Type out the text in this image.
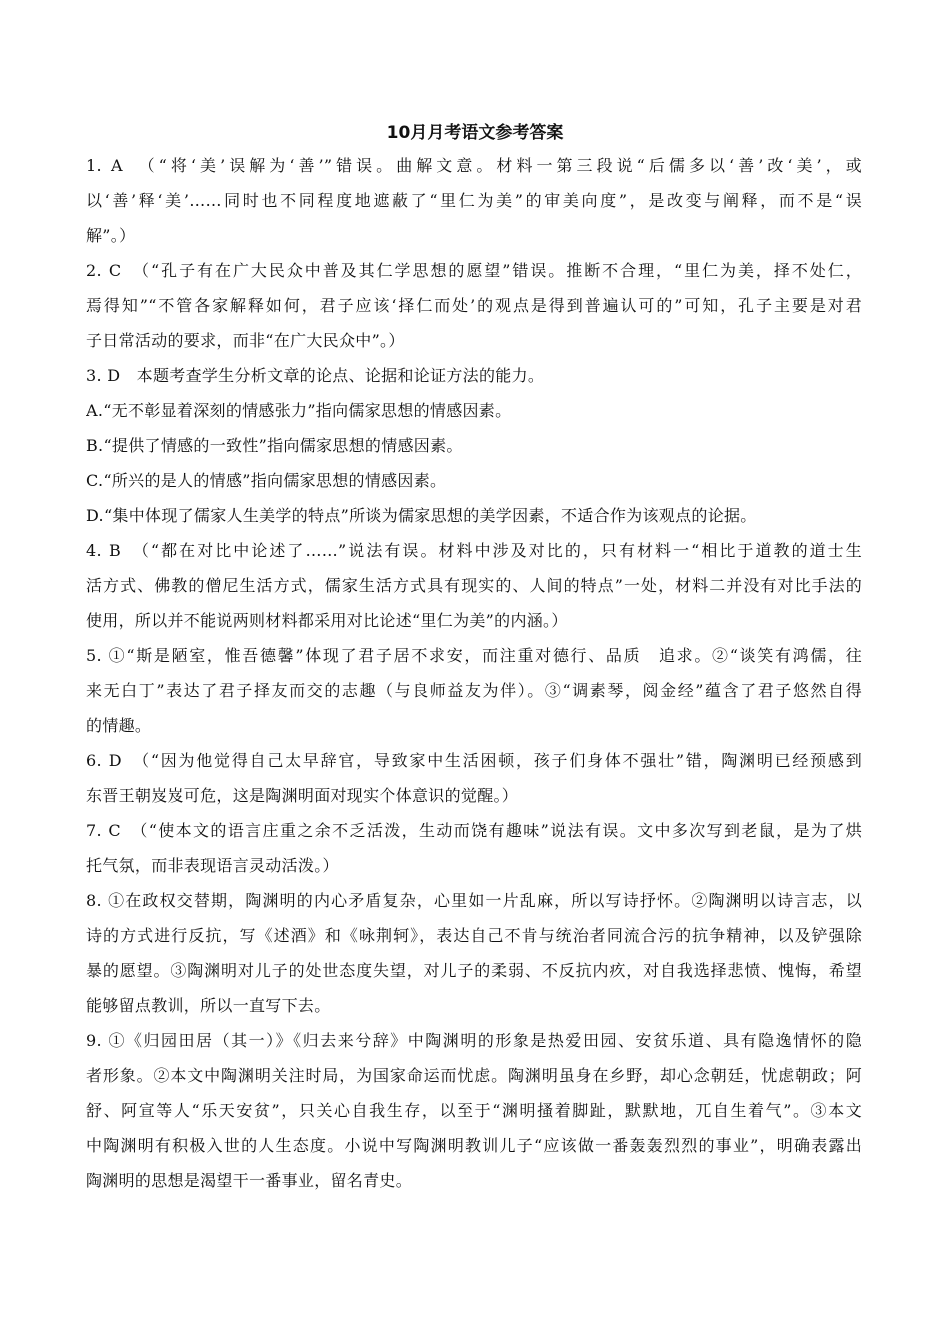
10月月考语文参考答案
1. A　（“将‘美’误解为‘善’”错误。曲解文意。材料一第三段说“后儒多以‘善’改‘美’，或
以‘善’释‘美’……同时也不同程度地遮蔽了“里仁为美”的审美向度”，是改变与阐释，而不是“误
解”。）
2. C　（“孔子有在广大民众中普及其仁学思想的愿望”错误。推断不合理，“里仁为美，择不处仁，
焉得知”“不管各家解释如何，君子应该‘择仁而处’的观点是得到普遍认可的”可知，孔子主要是对君
子日常活动的要求，而非“在广大民众中”。）
3. D　本题考查学生分析文章的论点、论据和论证方法的能力。
A.“无不彰显着深刻的情感张力”指向儒家思想的情感因素。
B.“提供了情感的一致性”指向儒家思想的情感因素。
C.“所兴的是人的情感”指向儒家思想的情感因素。
D.“集中体现了儒家人生美学的特点”所谈为儒家思想的美学因素，不适合作为该观点的论据。
4. B　（“都在对比中论述了……”说法有误。材料中涉及对比的，只有材料一“相比于道教的道士生
活方式、佛教的僧尼生活方式，儒家生活方式具有现实的、人间的特点”一处，材料二并没有对比手法的
使用，所以并不能说两则材料都采用对比论述“里仁为美”的内涵。）
5. ①“斯是陋室，惟吾德馨”体现了君子居不求安，而注重对德行、品质　追求。②“谈笑有鸿儒，往
来无白丁”表达了君子择友而交的志趣（与良师益友为伴）。③“调素琴，阅金经”蕴含了君子悠然自得
的情趣。
6. D　（“因为他觉得自己太早辞官，导致家中生活困顿，孩子们身体不强壮”错，陶渊明已经预感到
东晋王朝岌岌可危，这是陶渊明面对现实个体意识的觉醒。）
7. C　（“使本文的语言庄重之余不乏活泼，生动而饶有趣味”说法有误。文中多次写到老鼠，是为了烘
托气氛，而非表现语言灵动活泼。）
8. ①在政权交替期，陶渊明的内心矛盾复杂，心里如一片乱麻，所以写诗抒怀。②陶渊明以诗言志，以
诗的方式进行反抗，写《述酒》和《咏荆轲》，表达自己不肯与统治者同流合污的抗争精神，以及铲强除
暴的愿望。③陶渊明对儿子的处世态度失望，对儿子的柔弱、不反抗内疚，对自我选择悲愤、愧悔，希望
能够留点教训，所以一直写下去。
9. ①《归园田居（其一）》《归去来兮辞》中陶渊明的形象是热爱田园、安贫乐道、具有隐逸情怀的隐
者形象。②本文中陶渊明关注时局，为国家命运而忧虑。陶渊明虽身在乡野，却心念朝廷，忧虑朝政；阿
舒、阿宣等人“乐天安贫”，只关心自我生存，以至于“渊明搔着脚趾，默默地，兀自生着气”。③本文
中陶渊明有积极入世的人生态度。小说中写陶渊明教训儿子“应该做一番轰轰烈烈的事业”，明确表露出
陶渊明的思想是渴望干一番事业，留名青史。
